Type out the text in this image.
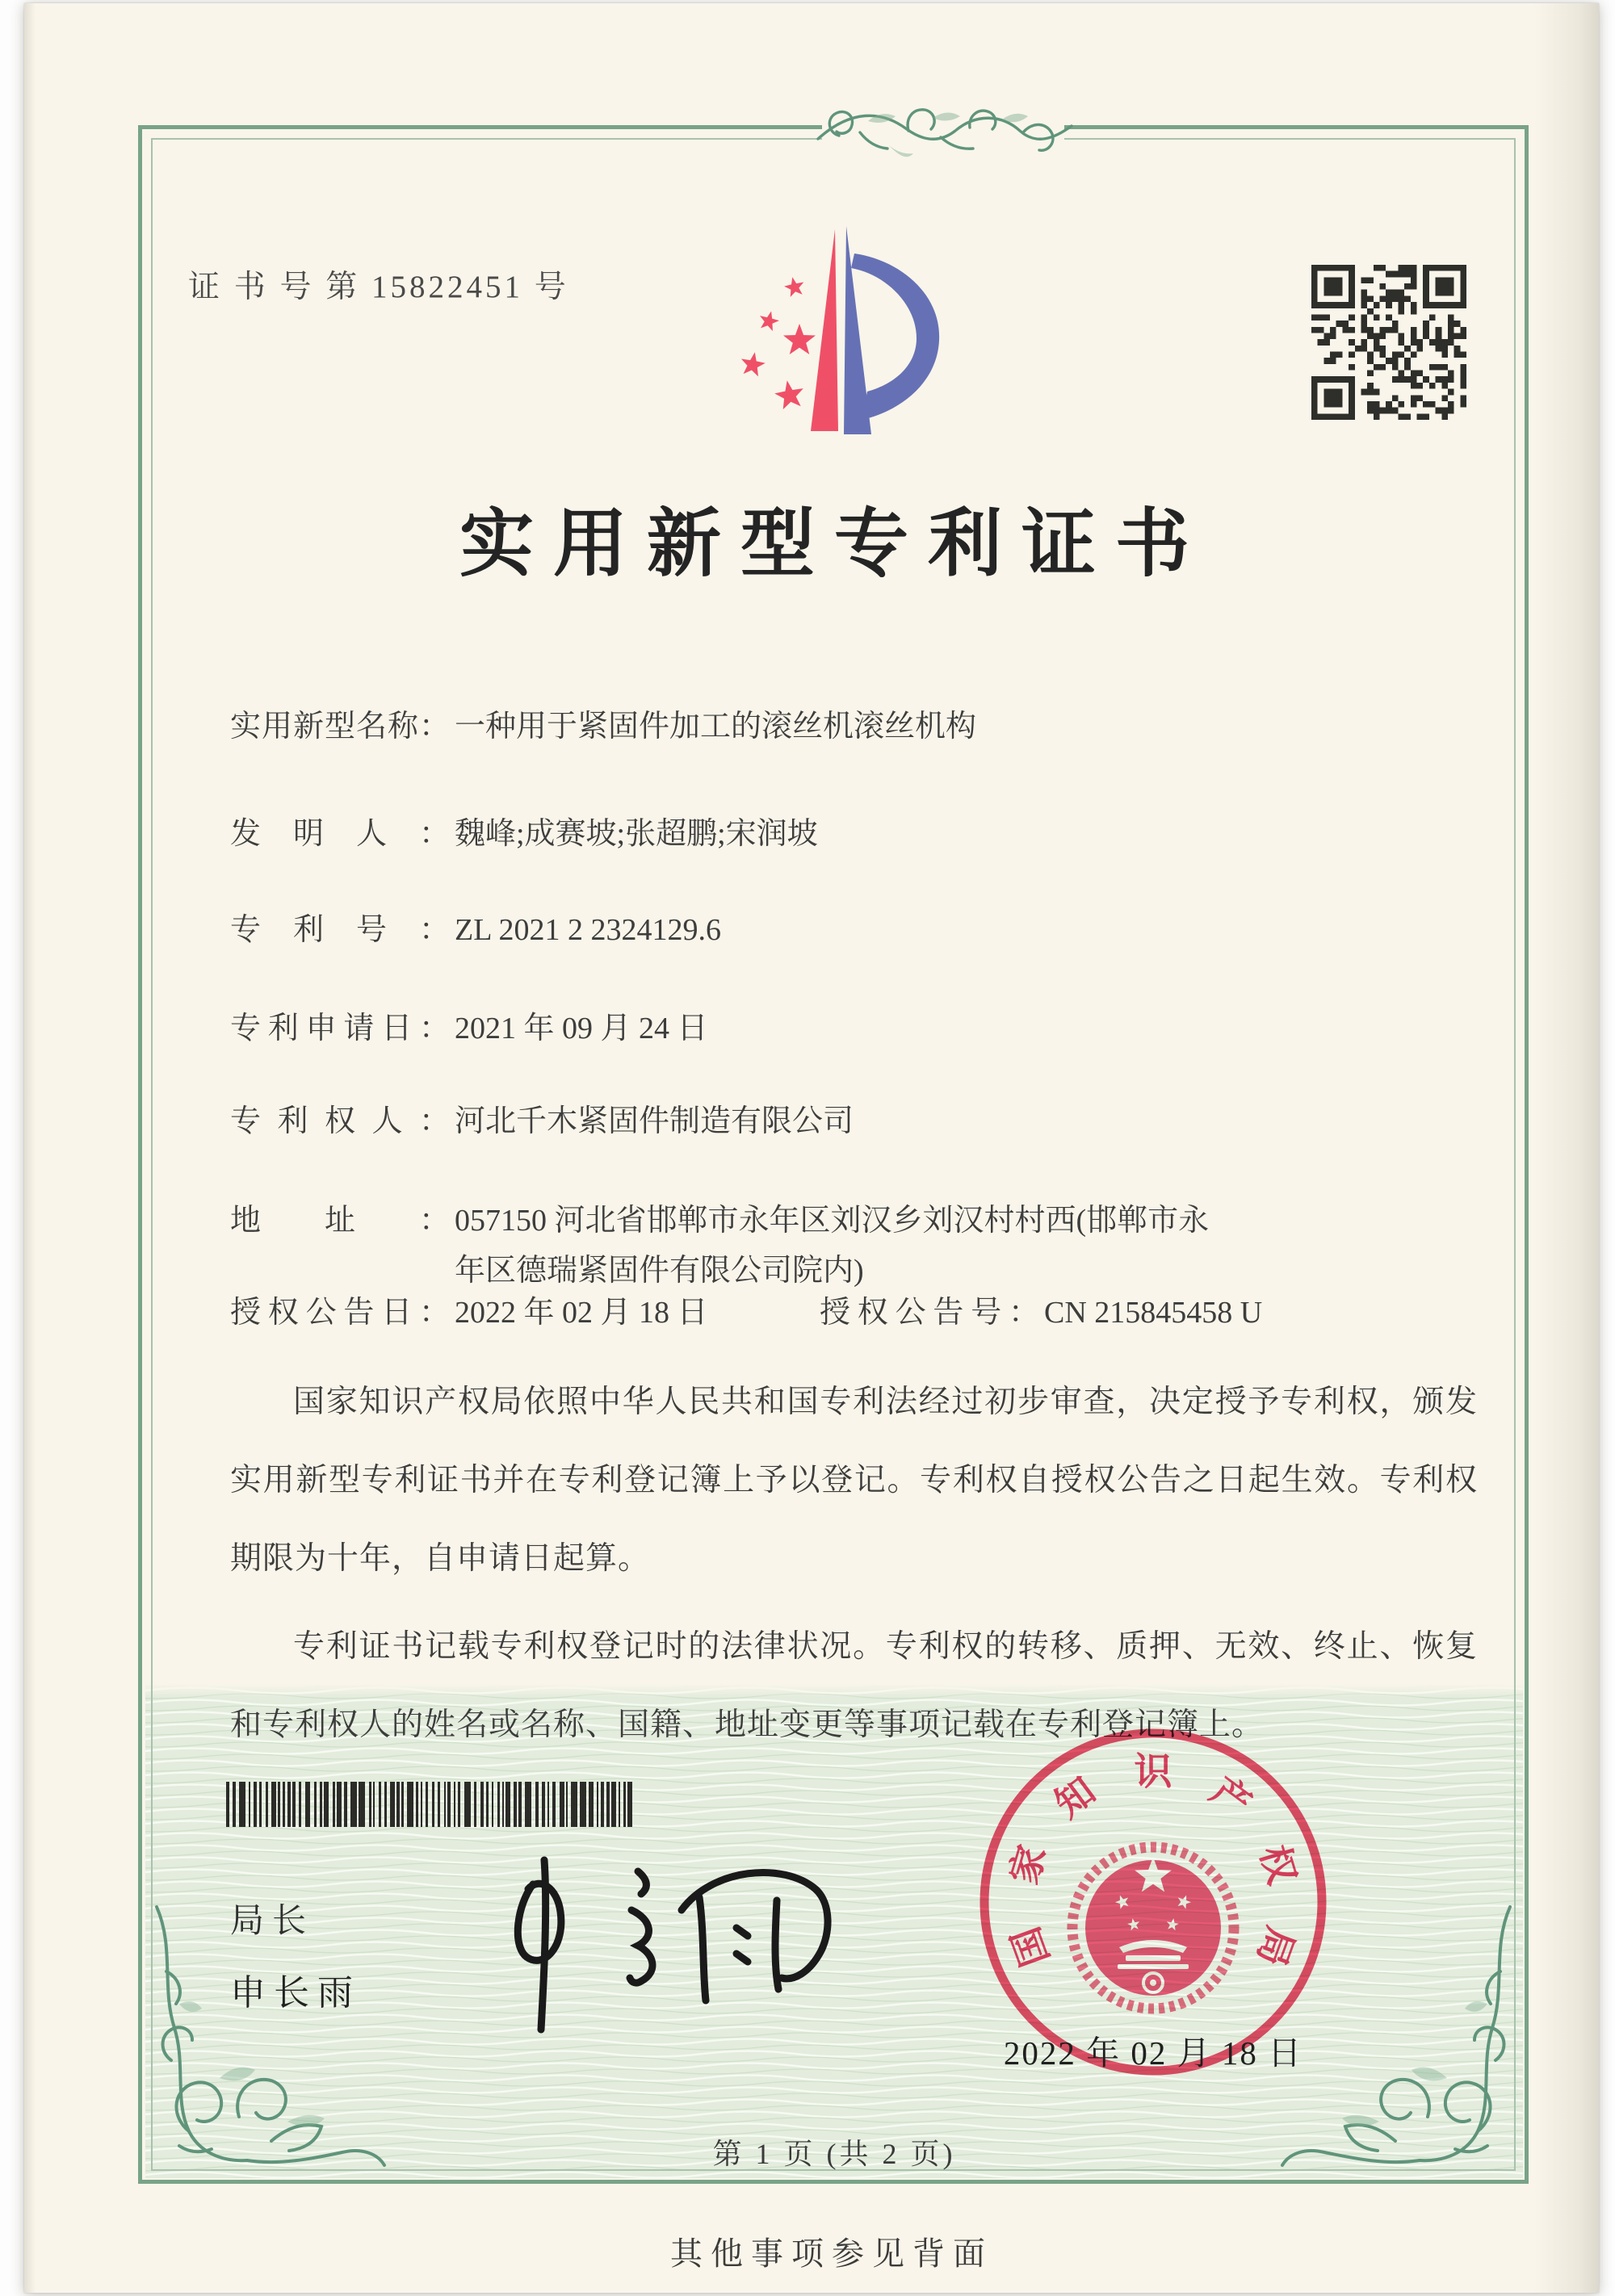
证 书 号 第 15822451 号
实用新型专利证书
实用新型名称： 一种用于紧固件加工的滚丝机滚丝机构
发明人： 魏峰;成赛坡;张超鹏;宋润坡
专利号： ZL 2021 2 2324129.6
专利申请日： 2021 年 09 月 24 日
专利权人： 河北千木紧固件制造有限公司
地址： 057150 河北省邯郸市永年区刘汉乡刘汉村村西(邯郸市永
年区德瑞紧固件有限公司院内)
授权公告日： 2022 年 02 月 18 日	授权公告号： CN 215845458 U

国家知识产权局依照中华人民共和国专利法经过初步审查，决定授予专利权，颁发实用新型专利证书并在专利登记簿上予以登记。专利权自授权公告之日起生效。专利权期限为十年，自申请日起算。

专利证书记载专利权登记时的法律状况。专利权的转移、质押、无效、终止、恢复和专利权人的姓名或名称、国籍、地址变更等事项记载在专利登记簿上。

局长
申长雨
国
家
知 识 产
权
局
2022 年 02 月 18 日
第 1 页 (共 2 页)
其他事项参见背面
